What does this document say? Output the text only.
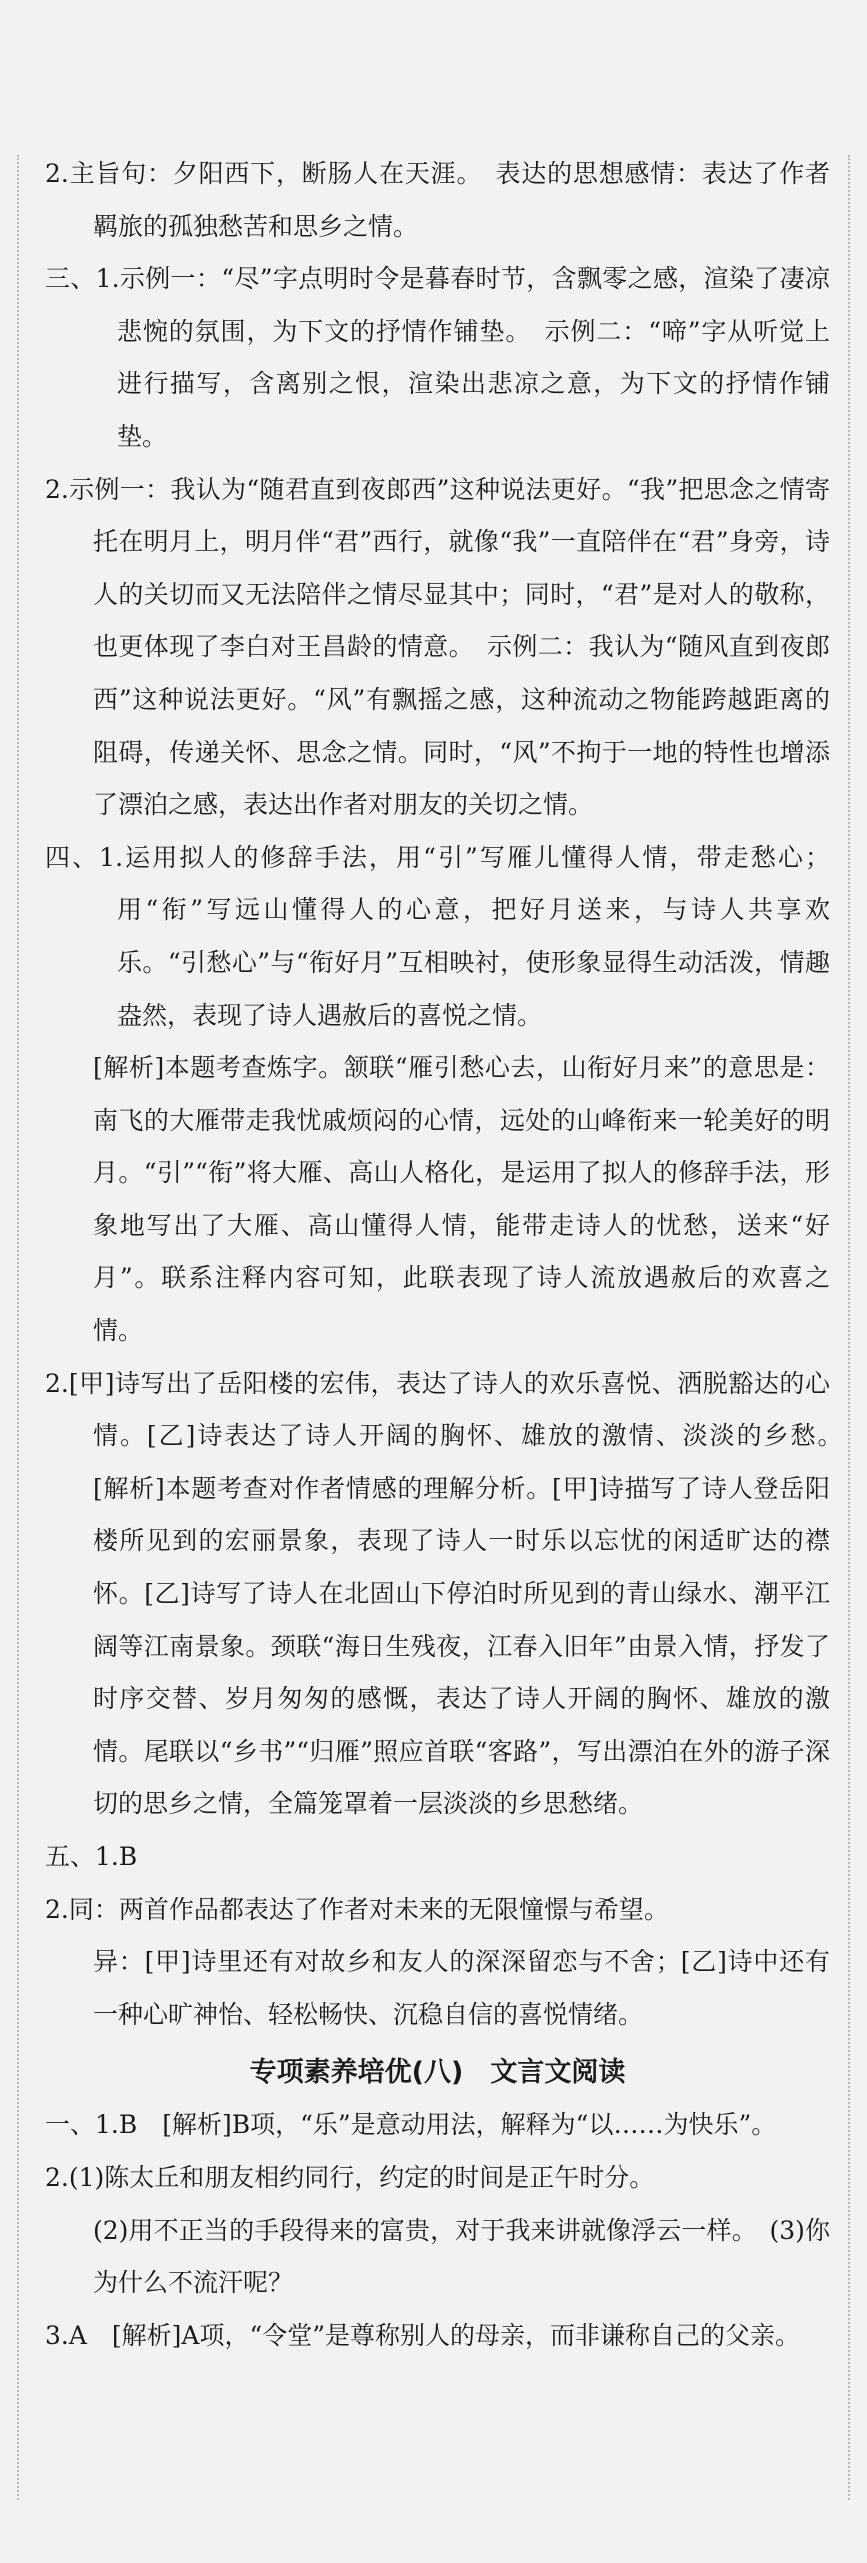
2.主旨句：夕阳西下，断肠人在天涯。　表达的思想感情：表达了作者羁旅的孤独愁苦和思乡之情。

三、1.示例一：“尽”字点明时令是暮春时节，含飘零之感，渲染了凄凉悲惋的氛围，为下文的抒情作铺垫。　示例二：“啼”字从听觉上进行描写，含离别之恨，渲染出悲凉之意，为下文的抒情作铺垫。

2.示例一：我认为“随君直到夜郎西”这种说法更好。“我”把思念之情寄托在明月上，明月伴“君”西行，就像“我”一直陪伴在“君”身旁，诗人的关切而又无法陪伴之情尽显其中；同时，“君”是对人的敬称，也更体现了李白对王昌龄的情意。　示例二：我认为“随风直到夜郎西”这种说法更好。“风”有飘摇之感，这种流动之物能跨越距离的阻碍，传递关怀、思念之情。同时，“风”不拘于一地的特性也增添了漂泊之感，表达出作者对朋友的关切之情。

四、1.运用拟人的修辞手法，用“引”写雁儿懂得人情，带走愁心；用“衔”写远山懂得人的心意，把好月送来，与诗人共享欢乐。“引愁心”与“衔好月”互相映衬，使形象显得生动活泼，情趣盎然，表现了诗人遇赦后的喜悦之情。

[解析]本题考查炼字。颔联“雁引愁心去，山衔好月来”的意思是：南飞的大雁带走我忧戚烦闷的心情，远处的山峰衔来一轮美好的明月。“引”“衔”将大雁、高山人格化，是运用了拟人的修辞手法，形象地写出了大雁、高山懂得人情，能带走诗人的忧愁，送来“好月”。联系注释内容可知，此联表现了诗人流放遇赦后的欢喜之情。

2.[甲]诗写出了岳阳楼的宏伟，表达了诗人的欢乐喜悦、洒脱豁达的心情。[乙]诗表达了诗人开阔的胸怀、雄放的激情、淡淡的乡愁。　[解析]本题考查对作者情感的理解分析。[甲]诗描写了诗人登岳阳楼所见到的宏丽景象，表现了诗人一时乐以忘忧的闲适旷达的襟怀。[乙]诗写了诗人在北固山下停泊时所见到的青山绿水、潮平江阔等江南景象。颈联“海日生残夜，江春入旧年”由景入情，抒发了时序交替、岁月匆匆的感慨，表达了诗人开阔的胸怀、雄放的激情。尾联以“乡书”“归雁”照应首联“客路”，写出漂泊在外的游子深切的思乡之情，全篇笼罩着一层淡淡的乡思愁绪。

五、1.B

2.同：两首作品都表达了作者对未来的无限憧憬与希望。

异：[甲]诗里还有对故乡和友人的深深留恋与不舍；[乙]诗中还有一种心旷神怡、轻松畅快、沉稳自信的喜悦情绪。

专项素养培优(八)　文言文阅读

一、1.B　[解析]B项，“乐”是意动用法，解释为“以……为快乐”。

2.(1)陈太丘和朋友相约同行，约定的时间是正午时分。

(2)用不正当的手段得来的富贵，对于我来讲就像浮云一样。　(3)你为什么不流汗呢？

3.A　[解析]A项，“令堂”是尊称别人的母亲，而非谦称自己的父亲。
